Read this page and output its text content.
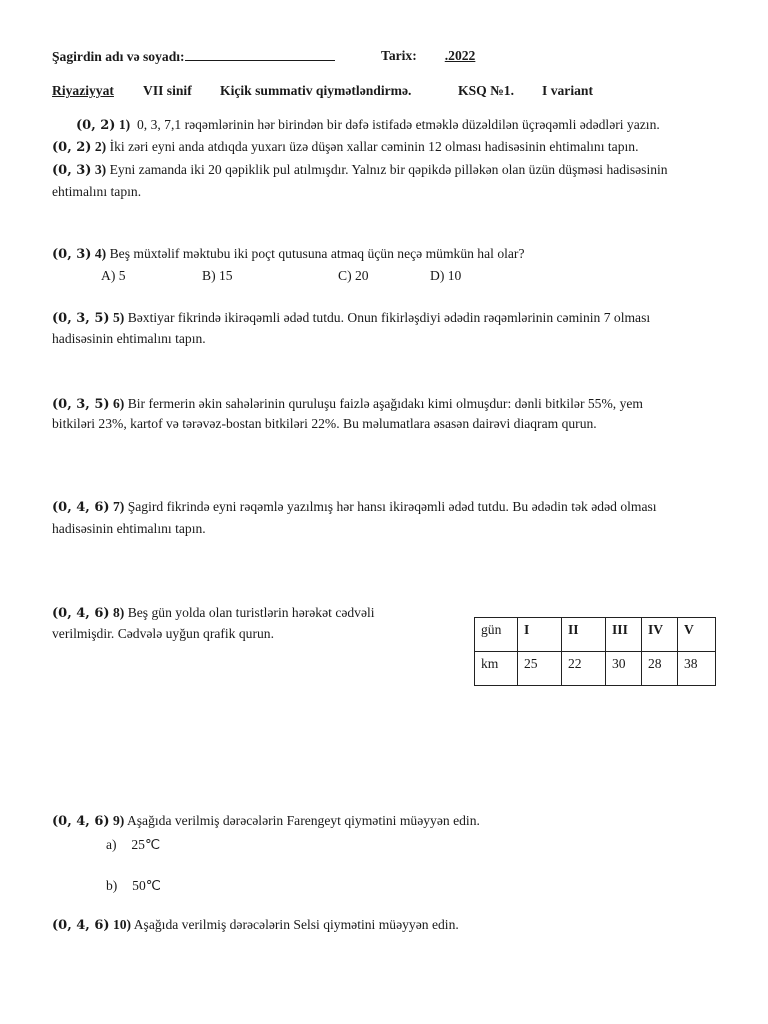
Şagirdin adı və soyadı:	Tarix: .2022
Riyaziyyat VII sinif Kiçik summativ qiymətləndirmə.	KSQ №1. I variant
(0, 2) 1) 0, 3, 7,1 rəqəmlərinin hər birindən bir dəfə istifadə etməklə düzəldilən üçrəqəmli ədədləri yazın.
(0, 2) 2) İki zəri eyni anda atdıqda yuxarı üzə düşən xallar cəminin 12 olması hadisəsinin ehtimalını tapın.
(0, 3) 3) Eyni zamanda iki 20 qəpiklik pul atılmışdır. Yalnız bir qəpikdə pilləkən olan üzün düşməsi hadisəsinin
ehtimalını tapın.
(0, 3) 4) Beş müxtəlif məktubu iki poçt qutusuna atmaq üçün neçə mümkün hal olar?
A) 5	B) 15	C) 20	D) 10
(0, 3, 5) 5) Bəxtiyar fikrində ikirəqəmli ədəd tutdu. Onun fikirləşdiyi ədədin rəqəmlərinin cəminin 7 olması
hadisəsinin ehtimalını tapın.
(0, 3, 5) 6) Bir fermerin əkin sahələrinin quruluşu faizlə aşağıdakı kimi olmuşdur: dənli bitkilər 55%, yem
bitkiləri 23%, kartof və tərəvəz-bostan bitkiləri 22%. Bu məlumatlara əsasən dairəvi diaqram qurun.
(0, 4, 6) 7) Şagird fikrində eyni rəqəmlə yazılmış hər hansı ikirəqəmli ədəd tutdu. Bu ədədin tək ədəd olması
hadisəsinin ehtimalını tapın.
(0, 4, 6) 8) Beş gün yolda olan turistlərin hərəkət cədvəli
verilmişdir. Cədvələ uyğun qrafik qurun.	gün	I	II	III	IV	V
km	25	22	30	28	38
(0, 4, 6) 9) Aşağıda verilmiş dərəcələrin Farengeyt qiymətini müəyyən edin.
a) 25℃
b) 50℃
(0, 4, 6) 10) Aşağıda verilmiş dərəcələrin Selsi qiymətini müəyyən edin.
